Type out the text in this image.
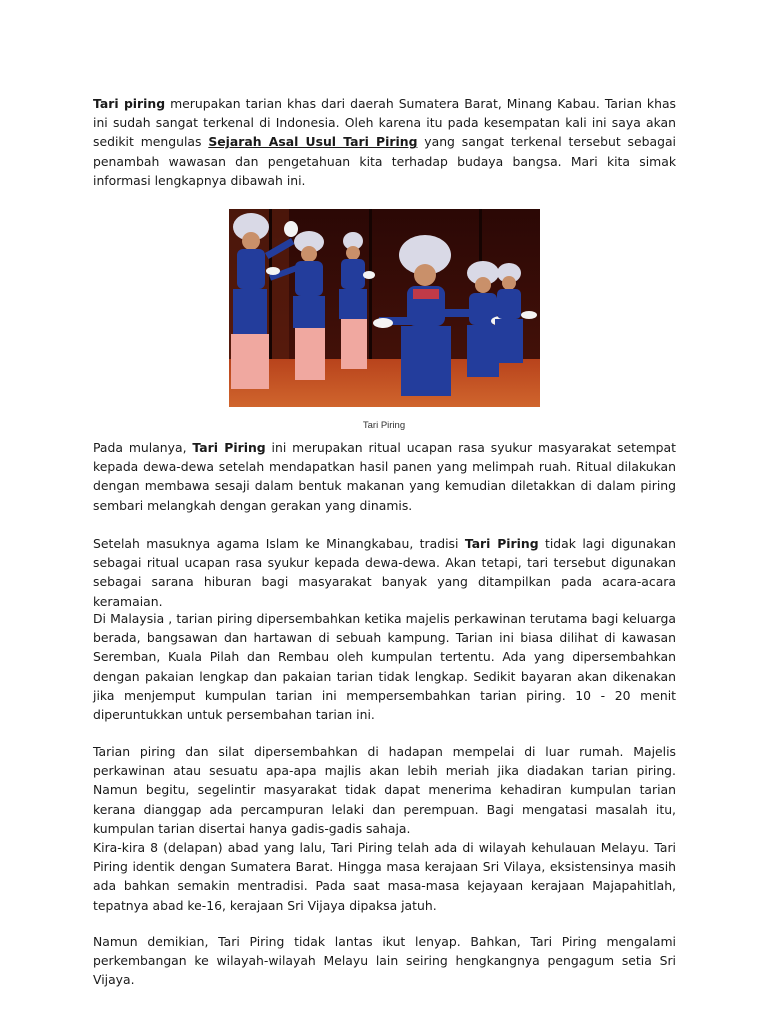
Tari piring merupakan tarian khas dari daerah Sumatera Barat, Minang Kabau. Tarian khas ini sudah sangat terkenal di Indonesia. Oleh karena itu pada kesempatan kali ini saya akan sedikit mengulas Sejarah Asal Usul Tari Piring yang sangat terkenal tersebut sebagai penambah wawasan dan pengetahuan kita terhadap budaya bangsa. Mari kita simak informasi lengkapnya dibawah ini.

Tari Piring

Pada mulanya, Tari Piring ini merupakan ritual ucapan rasa syukur masyarakat setempat kepada dewa-dewa setelah mendapatkan hasil panen yang melimpah ruah. Ritual dilakukan dengan membawa sesaji dalam bentuk makanan yang kemudian diletakkan di dalam piring sembari melangkah dengan gerakan yang dinamis.

Setelah masuknya agama Islam ke Minangkabau, tradisi Tari Piring tidak lagi digunakan sebagai ritual ucapan rasa syukur kepada dewa-dewa. Akan tetapi, tari tersebut digunakan sebagai sarana hiburan bagi masyarakat banyak yang ditampilkan pada acara-acara keramaian.

Di Malaysia , tarian piring dipersembahkan ketika majelis perkawinan terutama bagi keluarga berada, bangsawan dan hartawan di sebuah kampung. Tarian ini biasa dilihat di kawasan Seremban, Kuala Pilah dan Rembau oleh kumpulan tertentu. Ada yang dipersembahkan dengan pakaian lengkap dan pakaian tarian tidak lengkap. Sedikit bayaran akan dikenakan jika menjemput kumpulan tarian ini mempersembahkan tarian piring. 10 - 20 menit diperuntukkan untuk persembahan tarian ini.

Tarian piring dan silat dipersembahkan di hadapan mempelai di luar rumah. Majelis perkawinan atau sesuatu apa-apa majlis akan lebih meriah jika diadakan tarian piring. Namun begitu, segelintir masyarakat tidak dapat menerima kehadiran kumpulan tarian kerana dianggap ada percampuran lelaki dan perempuan. Bagi mengatasi masalah itu, kumpulan tarian disertai hanya gadis-gadis sahaja.

Kira-kira 8 (delapan) abad yang lalu, Tari Piring telah ada di wilayah kehulauan Melayu. Tari Piring identik dengan Sumatera Barat. Hingga masa kerajaan Sri Vilaya, eksistensinya masih ada bahkan semakin mentradisi. Pada saat masa-masa kejayaan kerajaan Majapahitlah, tepatnya abad ke-16, kerajaan Sri Vijaya dipaksa jatuh.

Namun demikian, Tari Piring tidak lantas ikut lenyap. Bahkan, Tari Piring mengalami perkembangan ke wilayah-wilayah Melayu lain seiring hengkangnya pengagum setia Sri Vijaya.
